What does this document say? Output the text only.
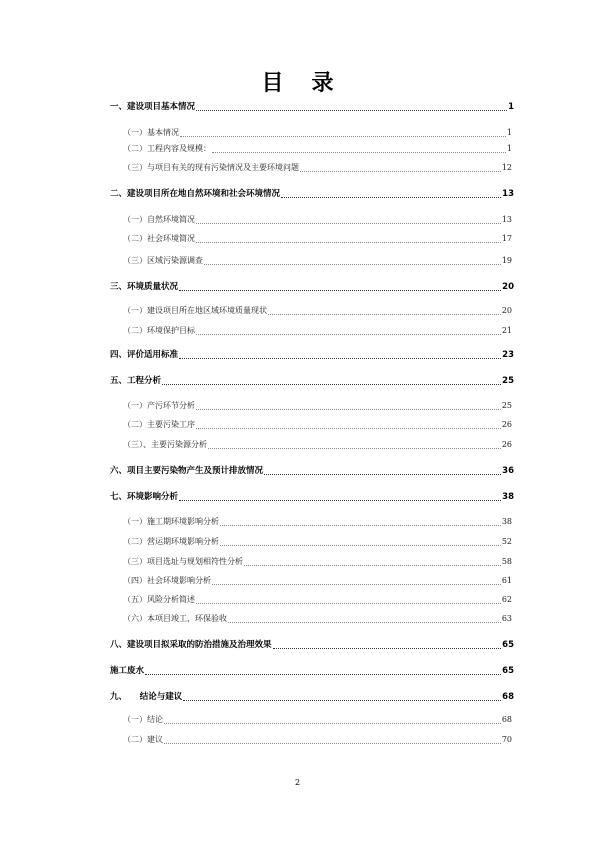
目录
一、建设项目基本情况	1
（一）基本情况	1
（二）工程内容及规模：	1
（三）与项目有关的现有污染情况及主要环境问题	12
二、建设项目所在地自然环境和社会环境情况	13
（一）自然环境简况	13
（二）社会环境简况	17
（三）区域污染源调查	19
三、环境质量状况	20
（一）建设项目所在地区域环境质量现状	20
（二）环境保护目标	21
四、评价适用标准	23
五、工程分析	25
（一）产污环节分析	25
（二）主要污染工序	26
（三）、主要污染源分析	26
六、项目主要污染物产生及预计排放情况	36
七、环境影响分析	38
（一）施工期环境影响分析	38
（二）营运期环境影响分析	52
（三）项目选址与规划相符性分析	58
（四）社会环境影响分析	61
（五）风险分析简述	62
（六）本项目竣工，环保验收	63
八、建设项目拟采取的防治措施及治理效果	65
施工废水	65
九、　　结论与建议	68
（一）结论	68
（二）建议	70
2
